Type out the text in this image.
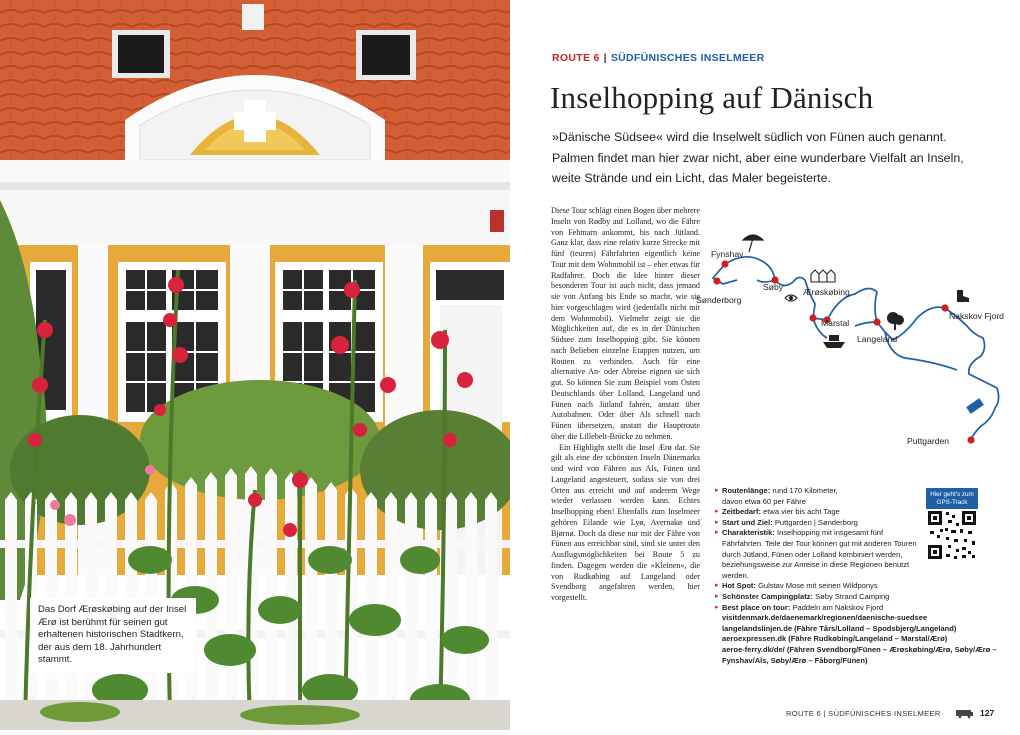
Das Dorf Ærøskøbing auf der Insel Ærø ist berühmt für seinen gut erhaltenen historischen Stadtkern, der aus dem 18. Jahrhundert stammt.
ROUTE 6 | SÜDFÜNISCHES INSELMEER
Inselhopping auf Dänisch
»Dänische Südsee« wird die Inselwelt südlich von Fünen auch genannt. Palmen findet man hier zwar nicht, aber eine wunderbare Vielfalt an Inseln, weite Strände und ein Licht, das Maler begeisterte.

Diese Tour schlägt einen Bogen über mehrere Inseln von Rødby auf Lolland, wo die Fähre von Fehmarn ankommt, bis nach Jütland. Ganz klar, dass eine relativ kurze Strecke mit fünf (teuren) Fährfahrten eigentlich keine Tour mit dem Wohnmobil ist – eher etwas für Radfahrer. Doch die Idee hinter dieser besonderen Tour ist auch nicht, dass jemand sie von Anfang bis Ende so macht, wie sie hier vorgeschlagen wird (jedenfalls nicht mit dem Wohnmobil). Vielmehr zeigt sie die Möglichkeiten auf, die es in der Dänischen Südsee zum Inselhopping gibt. Sie können nach Belieben einzelne Etappen nutzen, um Routen zu verbinden. Auch für eine alternative An- oder Abreise eignen sie sich gut. So können Sie zum Beispiel vom Osten Deutschlands über Lolland, Langeland und Fünen nach Jütland fahren, anstatt über Autobahnen. Oder über Als schnell nach Fünen übersetzen, anstatt die Hauptroute über die Lillebelt-Brücke zu nehmen.

Ein Highlight stellt die Insel Ærø dar. Sie gilt als eine der schönsten Inseln Dänemarks und wird von Fähren aus Als, Fünen und Langeland angesteuert, sodass sie von drei Orten aus erreicht und auf anderem Wege wieder verlassen werden kann. Echtes Inselhopping eben! Ebenfalls zum Inselmeer gehören Eilande wie Lyø, Avernakø und Bjørnø. Doch da diese nur mit der Fähre von Fünen aus erreichbar sind, sind sie unter den Ausflugsmöglichkeiten bei Route 5 zu finden. Dagegen werden die »Kleinen«, die von Rudkøbing auf Langeland oder Svendborg angefahren werden, hier vorgestellt.

Fynshav
Sønderborg
Søby Ærøskøbing
Marstal
Langeland
Nakskov Fjord
Puttgarden
▸ Routenlänge: rund 170 Kilometer,
davon etwa 60 per Fähre
▸ Zeitbedarf: etwa vier bis acht Tage
▸ Start und Ziel: Puttgarden | Sønderborg
▸ Charakteristik: Inselhopping mit insgesamt fünf Fährfahrten. Teile der Tour können gut mit anderen Touren durch Jütland, Fünen oder Lolland kombiniert werden, beziehungsweise zur Anreise in diese Regionen benutzt werden.
▸ Hot Spot: Gulstav Mose mit seinen Wildponys
▸ Schönster Campingplatz: Søby Strand Camping
▸ Best place on tour: Paddeln am Nakskov Fjord
visitdenmark.de/daenemark/regionen/daenische-suedsee
langelandslinjen.de (Fähre Tårs/Lolland – Spodsbjerg/Langeland)
aeroexpressen.dk (Fähre Rudkøbing/Langeland – Marstal/Ærø)
aeroe-ferry.dk/de/ (Fähren Svendborg/Fünen – Ærøskøbing/Ærø, Søby/Ærø – Fynshav/Als, Søby/Ærø – Fåborg/Fünen)
Hier geht's zum GPS-Track
ROUTE 6 | SÜDFÜNISCHES INSELMEER	127
